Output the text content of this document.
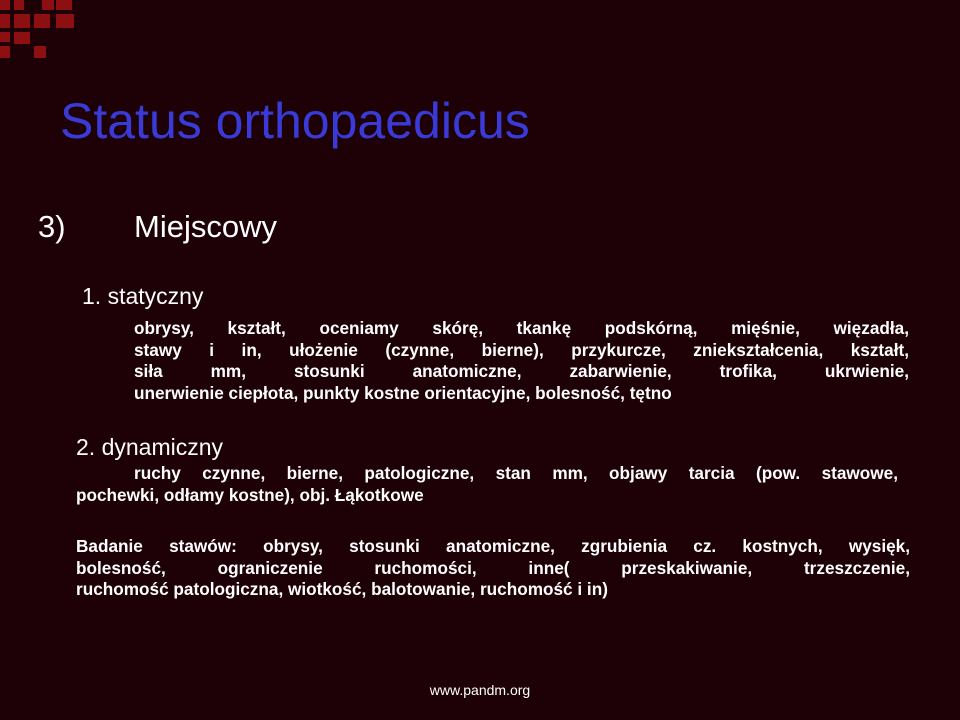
Status orthopaedicus
3) Miejscowy
1. statyczny
obrysy, kształt, oceniamy skórę, tkankę podskórną, mięśnie, więzadła,
stawy i in, ułożenie (czynne, bierne), przykurcze, zniekształcenia, kształt,
siła mm, stosunki anatomiczne, zabarwienie, trofika, ukrwienie,
unerwienie ciepłota, punkty kostne orientacyjne, bolesność, tętno
2. dynamiczny
ruchy czynne, bierne, patologiczne, stan mm, objawy tarcia (pow. stawowe,
pochewki, odłamy kostne), obj. Łąkotkowe
Badanie stawów: obrysy, stosunki anatomiczne, zgrubienia cz. kostnych, wysięk,
bolesność, ograniczenie ruchomości, inne( przeskakiwanie, trzeszczenie,
ruchomość patologiczna, wiotkość, balotowanie, ruchomość i in)
www.pandm.org
